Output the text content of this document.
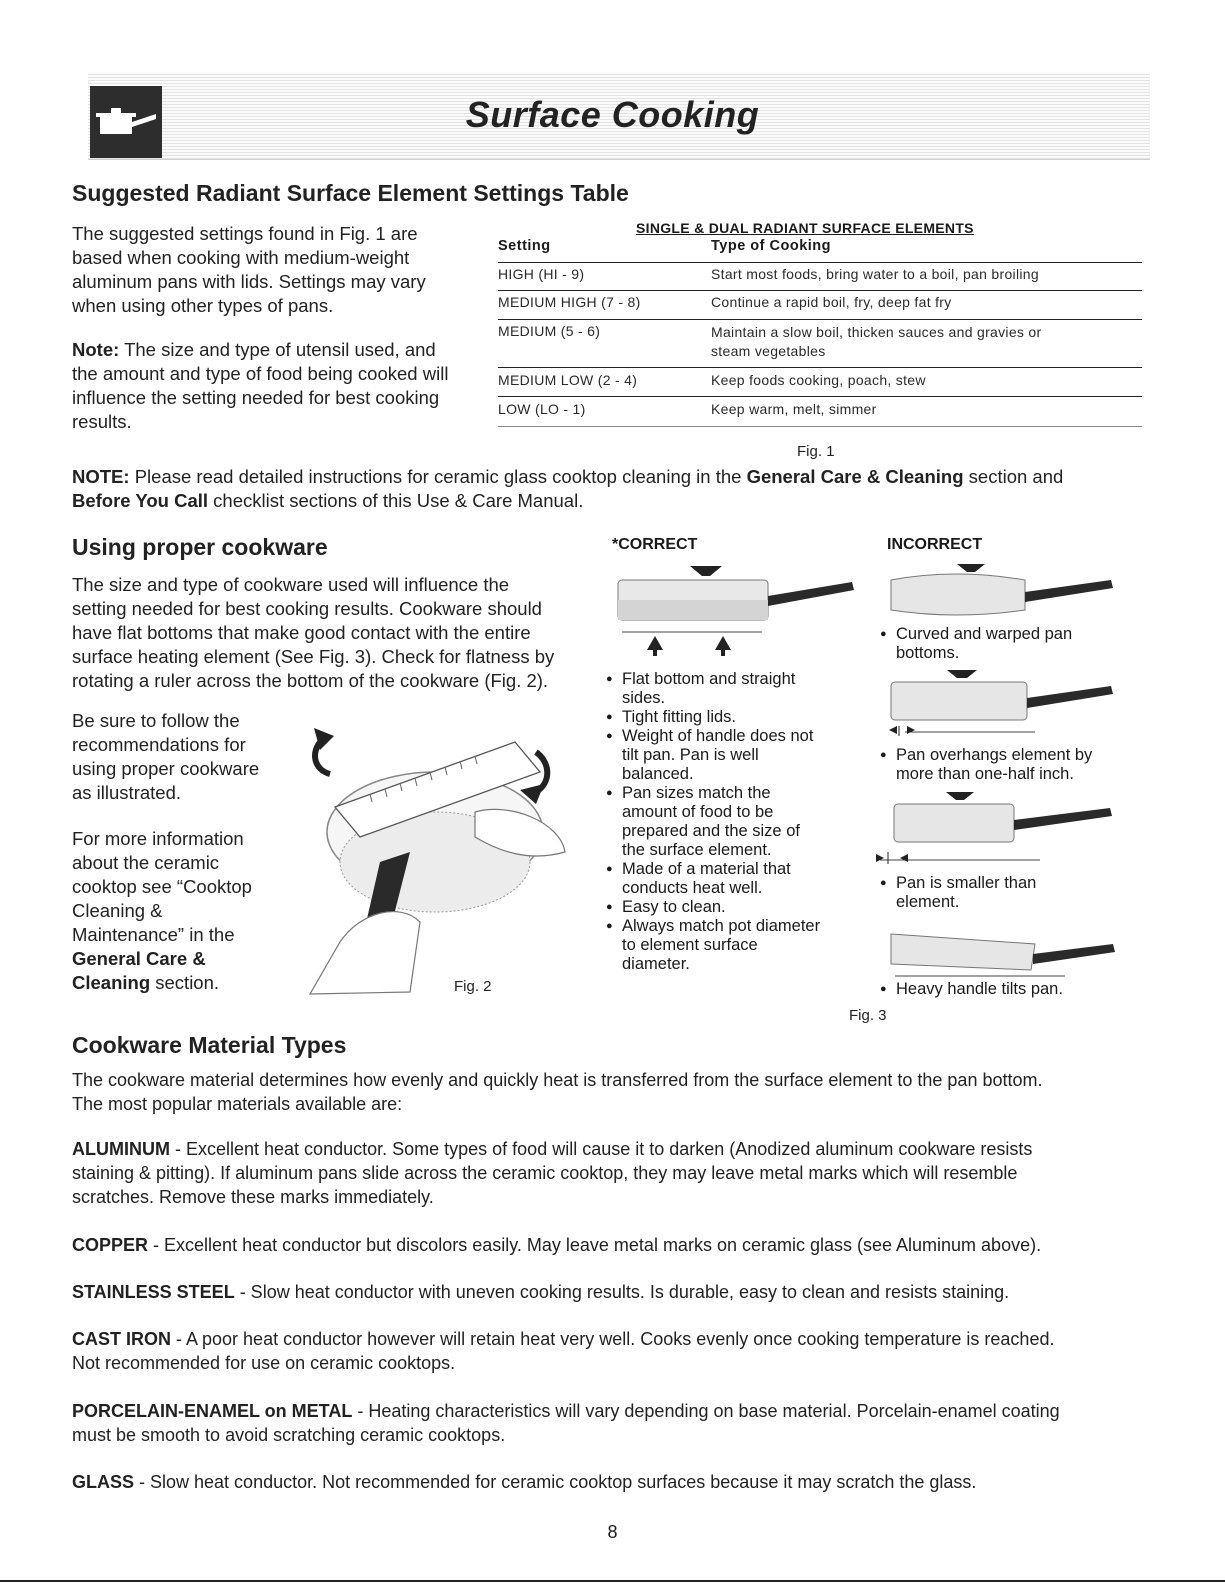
Surface Cooking
Suggested Radiant Surface Element Settings Table
The suggested settings found in Fig. 1 are
based when cooking with medium-weight
aluminum pans with lids. Settings may vary
when using other types of pans.
Note: The size and type of utensil used, and
the amount and type of food being cooked will
influence the setting needed for best cooking
results.
SINGLE & DUAL RADIANT SURFACE ELEMENTS
Setting	Type of Cooking
HIGH (HI - 9)	Start most foods, bring water to a boil, pan broiling
MEDIUM HIGH (7 - 8)	Continue a rapid boil, fry, deep fat fry
MEDIUM (5 - 6)	Maintain a slow boil, thicken sauces and gravies or
steam vegetables
MEDIUM LOW (2 - 4)	Keep foods cooking, poach, stew
LOW (LO - 1)	Keep warm, melt, simmer
Fig. 1
NOTE: Please read detailed instructions for ceramic glass cooktop cleaning in the General Care & Cleaning section and
Before You Call checklist sections of this Use & Care Manual.
Using proper cookware
The size and type of cookware used will influence the
setting needed for best cooking results. Cookware should
have flat bottoms that make good contact with the entire
surface heating element (See Fig. 3). Check for flatness by
rotating a ruler across the bottom of the cookware (Fig. 2).
Be sure to follow the
recommendations for
using proper cookware
as illustrated.
For more information
about the ceramic
cooktop see “Cooktop
Cleaning &
Maintenance” in the
General Care &
Cleaning section.	Fig. 2
*CORRECT
● Flat bottom and straight
sides.
● Tight fitting lids.
● Weight of handle does not
tilt pan. Pan is well
balanced.
● Pan sizes match the
amount of food to be
prepared and the size of
the surface element.
● Made of a material that
conducts heat well.
● Easy to clean.
● Always match pot diameter
to element surface
diameter.
INCORRECT
● Curved and warped pan
bottoms.
● Pan overhangs element by
more than one-half inch.
● Pan is smaller than
element.
● Heavy handle tilts pan.
Fig. 3
Cookware Material Types
The cookware material determines how evenly and quickly heat is transferred from the surface element to the pan bottom.
The most popular materials available are:
ALUMINUM - Excellent heat conductor. Some types of food will cause it to darken (Anodized aluminum cookware resists
staining & pitting). If aluminum pans slide across the ceramic cooktop, they may leave metal marks which will resemble
scratches. Remove these marks immediately.
COPPER - Excellent heat conductor but discolors easily. May leave metal marks on ceramic glass (see Aluminum above).
STAINLESS STEEL - Slow heat conductor with uneven cooking results. Is durable, easy to clean and resists staining.
CAST IRON - A poor heat conductor however will retain heat very well. Cooks evenly once cooking temperature is reached.
Not recommended for use on ceramic cooktops.
PORCELAIN-ENAMEL on METAL - Heating characteristics will vary depending on base material. Porcelain-enamel coating
must be smooth to avoid scratching ceramic cooktops.
GLASS - Slow heat conductor. Not recommended for ceramic cooktop surfaces because it may scratch the glass.
8
